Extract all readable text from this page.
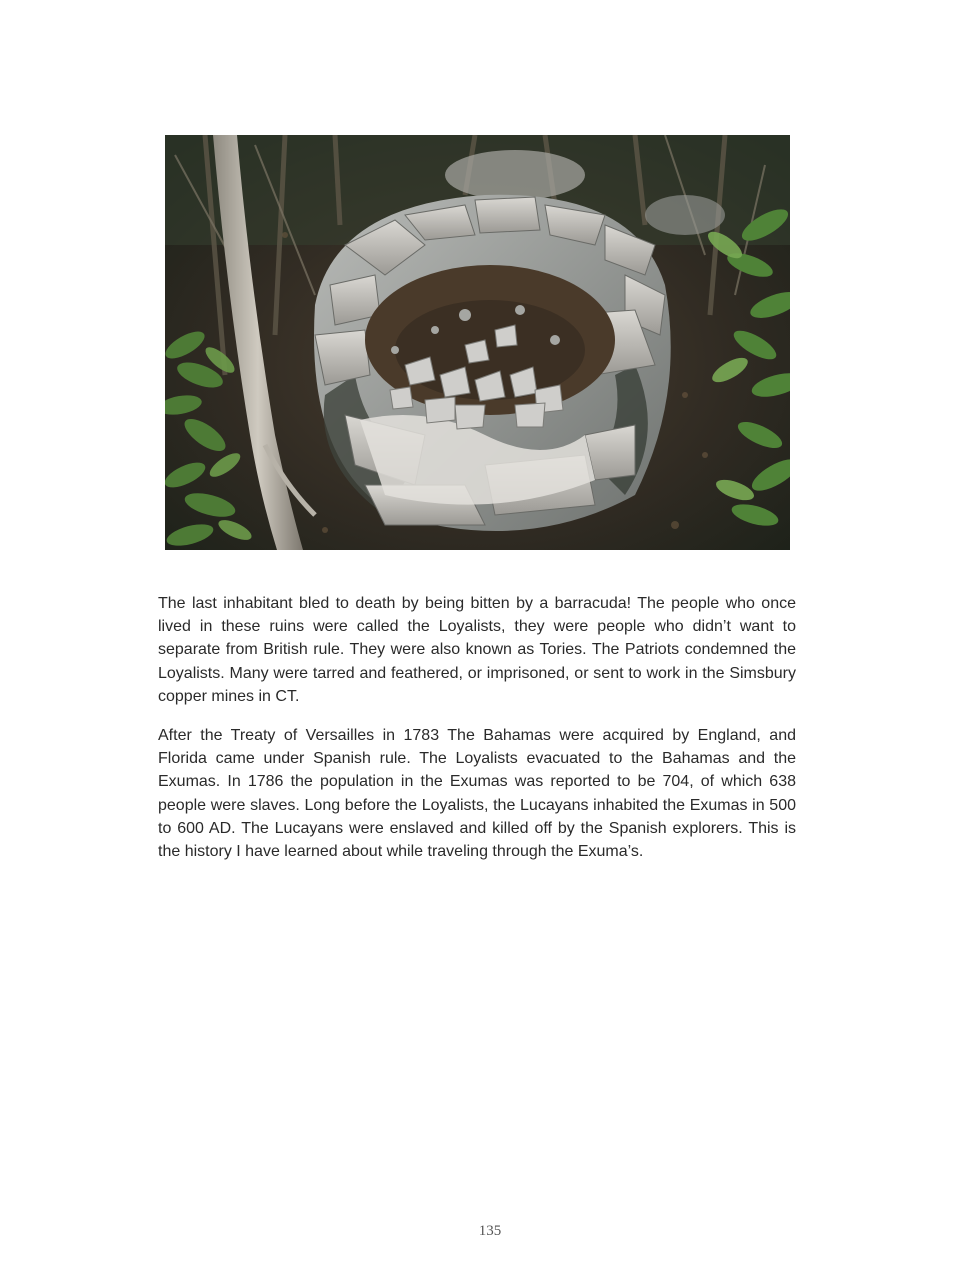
The last inhabitant bled to death by being bitten by a barracuda! The people who once lived in these ruins were called the Loyalists, they were people who didn’t want to separate from British rule. They were also known as Tories. The Patriots condemned the Loyalists. Many were tarred and feathered, or imprisoned, or sent to work in the Simsbury copper mines in CT.

After the Treaty of Versailles in 1783 The Bahamas were acquired by England, and Florida came under Spanish rule. The Loyalists evacuated to the Bahamas and the Exumas. In 1786 the population in the Exumas was reported to be 704, of which 638 people were slaves. Long before the Loyalists, the Lucayans inhabited the Exumas in 500 to 600 AD. The Lucayans were enslaved and killed off by the Spanish explorers. This is the history I have learned about while traveling through the Exuma’s.

135
